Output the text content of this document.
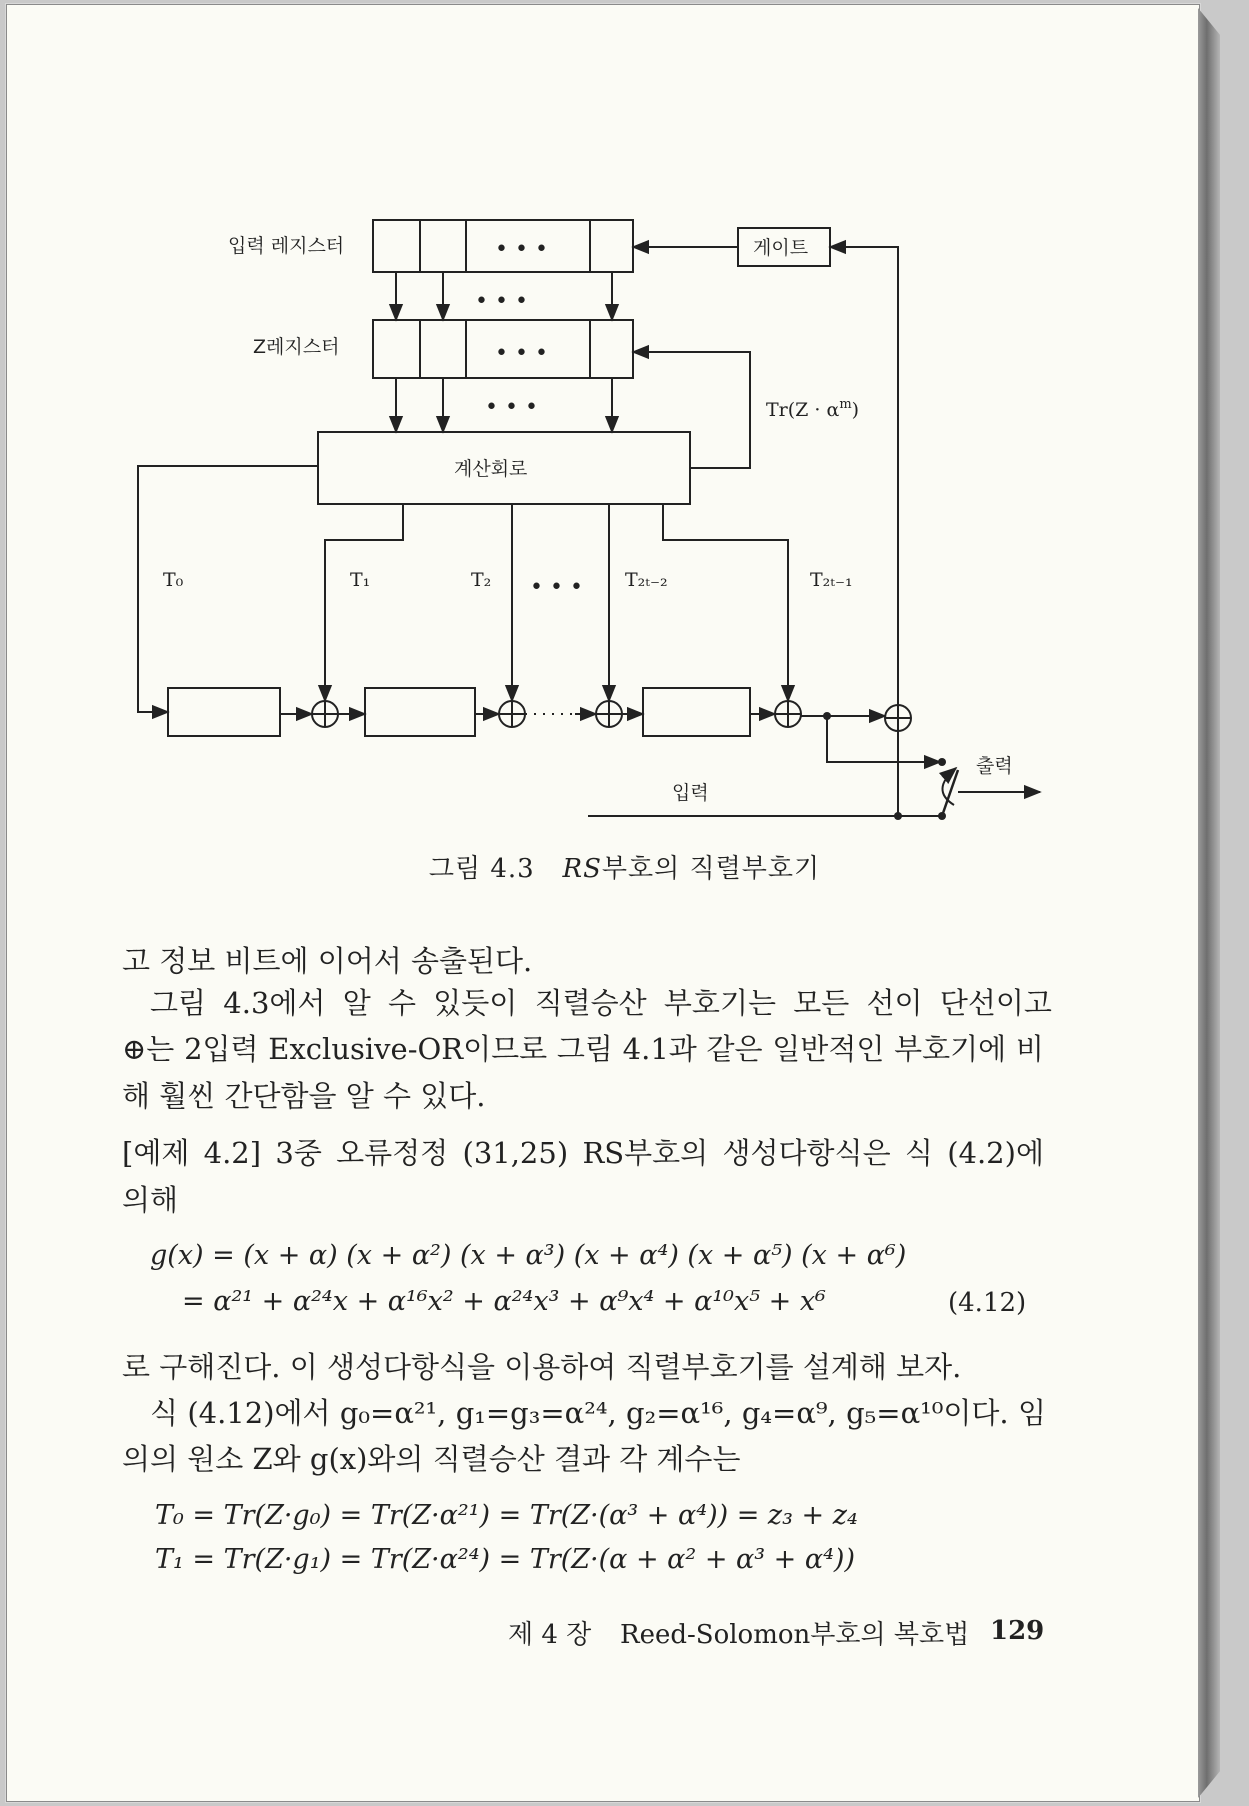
입력 레지스터
Z레지스터
게이트
계산회로
$Tr(Z \cdot \alpha^m)$
• • •
• • •
• • •
• • •
• • •
T₀	T₁	T₂	T₂ₜ₋₂	T₂ₜ₋₁
출력
입력
그림 4.3 RS부호의 직렬부호기
고 정보 비트에 이어서 송출된다.
그림 4.3에서 알 수 있듯이 직렬승산 부호기는 모든 선이 단선이고
⊕는 2입력 Exclusive-OR이므로 그림 4.1과 같은 일반적인 부호기에 비
해 훨씬 간단함을 알 수 있다.
[예제 4.2] 3중 오류정정 (31,25) RS부호의 생성다항식은 식 (4.2)에
의해
g(x) = (x + α) (x + α²) (x + α³) (x + α⁴) (x + α⁵) (x + α⁶)
= α²¹ + α²⁴x + α¹⁶x² + α²⁴x³ + α⁹x⁴ + α¹⁰x⁵ + x⁶	(4.12)
로 구해진다. 이 생성다항식을 이용하여 직렬부호기를 설계해 보자.
식 (4.12)에서 g₀=α²¹, g₁=g₃=α²⁴, g₂=α¹⁶, g₄=α⁹, g₅=α¹⁰이다. 임
의의 원소 Z와 g(x)와의 직렬승산 결과 각 계수는
T₀ = Tr(Z·g₀) = Tr(Z·α²¹) = Tr(Z·(α³ + α⁴)) = z₃ + z₄
T₁ = Tr(Z·g₁) = Tr(Z·α²⁴) = Tr(Z·(α + α² + α³ + α⁴))
제 4 장 Reed-Solomon부호의 복호법 129
